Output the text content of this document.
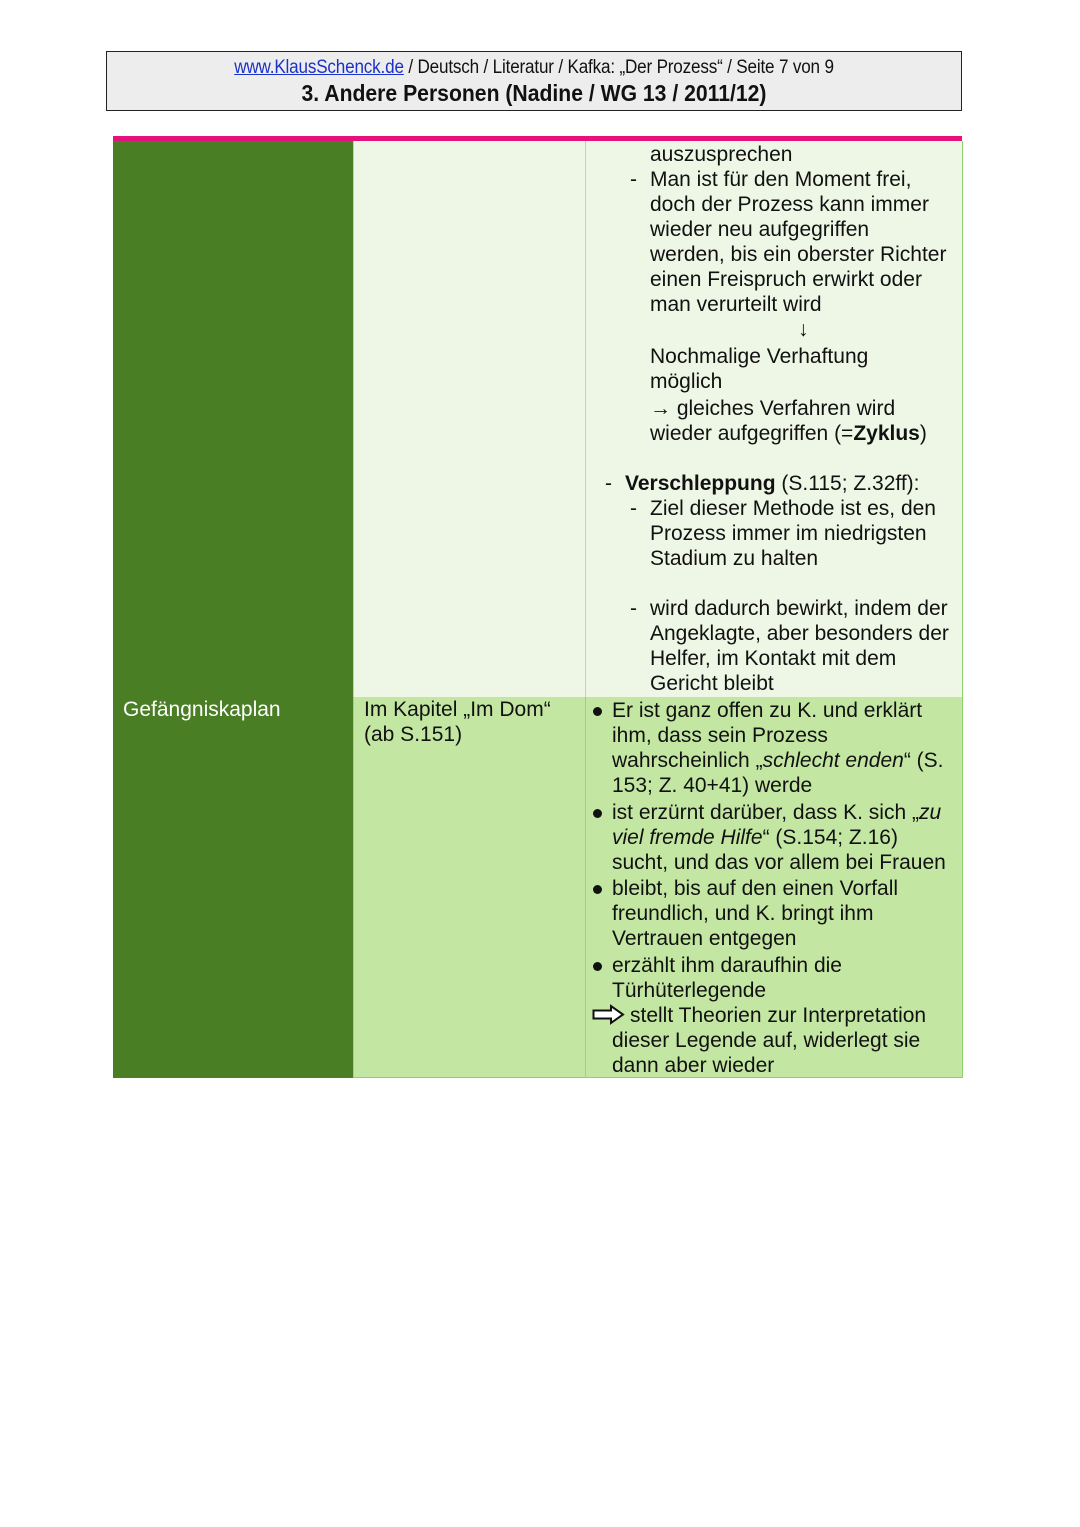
www.KlausSchenck.de / Deutsch / Literatur / Kafka: „Der Prozess“ / Seite 7 von 9
3. Andere Personen (Nadine / WG 13 / 2011/12)
auszusprechen
- Man ist für den Moment frei,
doch der Prozess kann immer
wieder neu aufgegriffen
werden, bis ein oberster Richter
einen Freispruch erwirkt oder
man verurteilt wird
↓
Nochmalige Verhaftung
möglich
→ gleiches Verfahren wird
wieder aufgegriffen (=Zyklus)
- Verschleppung (S.115; Z.32ff):
- Ziel dieser Methode ist es, den
Prozess immer im niedrigsten
Stadium zu halten
- wird dadurch bewirkt, indem der
Angeklagte, aber besonders der
Helfer, im Kontakt mit dem
Gericht bleibt
Gefängniskaplan	Im Kapitel „Im Dom“
(ab S.151)
Er ist ganz offen zu K. und erklärt
ihm, dass sein Prozess
wahrscheinlich „schlecht enden“ (S.
153; Z. 40+41) werde
ist erzürnt darüber, dass K. sich „zu
viel fremde Hilfe“ (S.154; Z.16)
sucht, und das vor allem bei Frauen
bleibt, bis auf den einen Vorfall
freundlich, und K. bringt ihm
Vertrauen entgegen
erzählt ihm daraufhin die
Türhüterlegende
stellt Theorien zur Interpretation
dieser Legende auf, widerlegt sie
dann aber wieder
